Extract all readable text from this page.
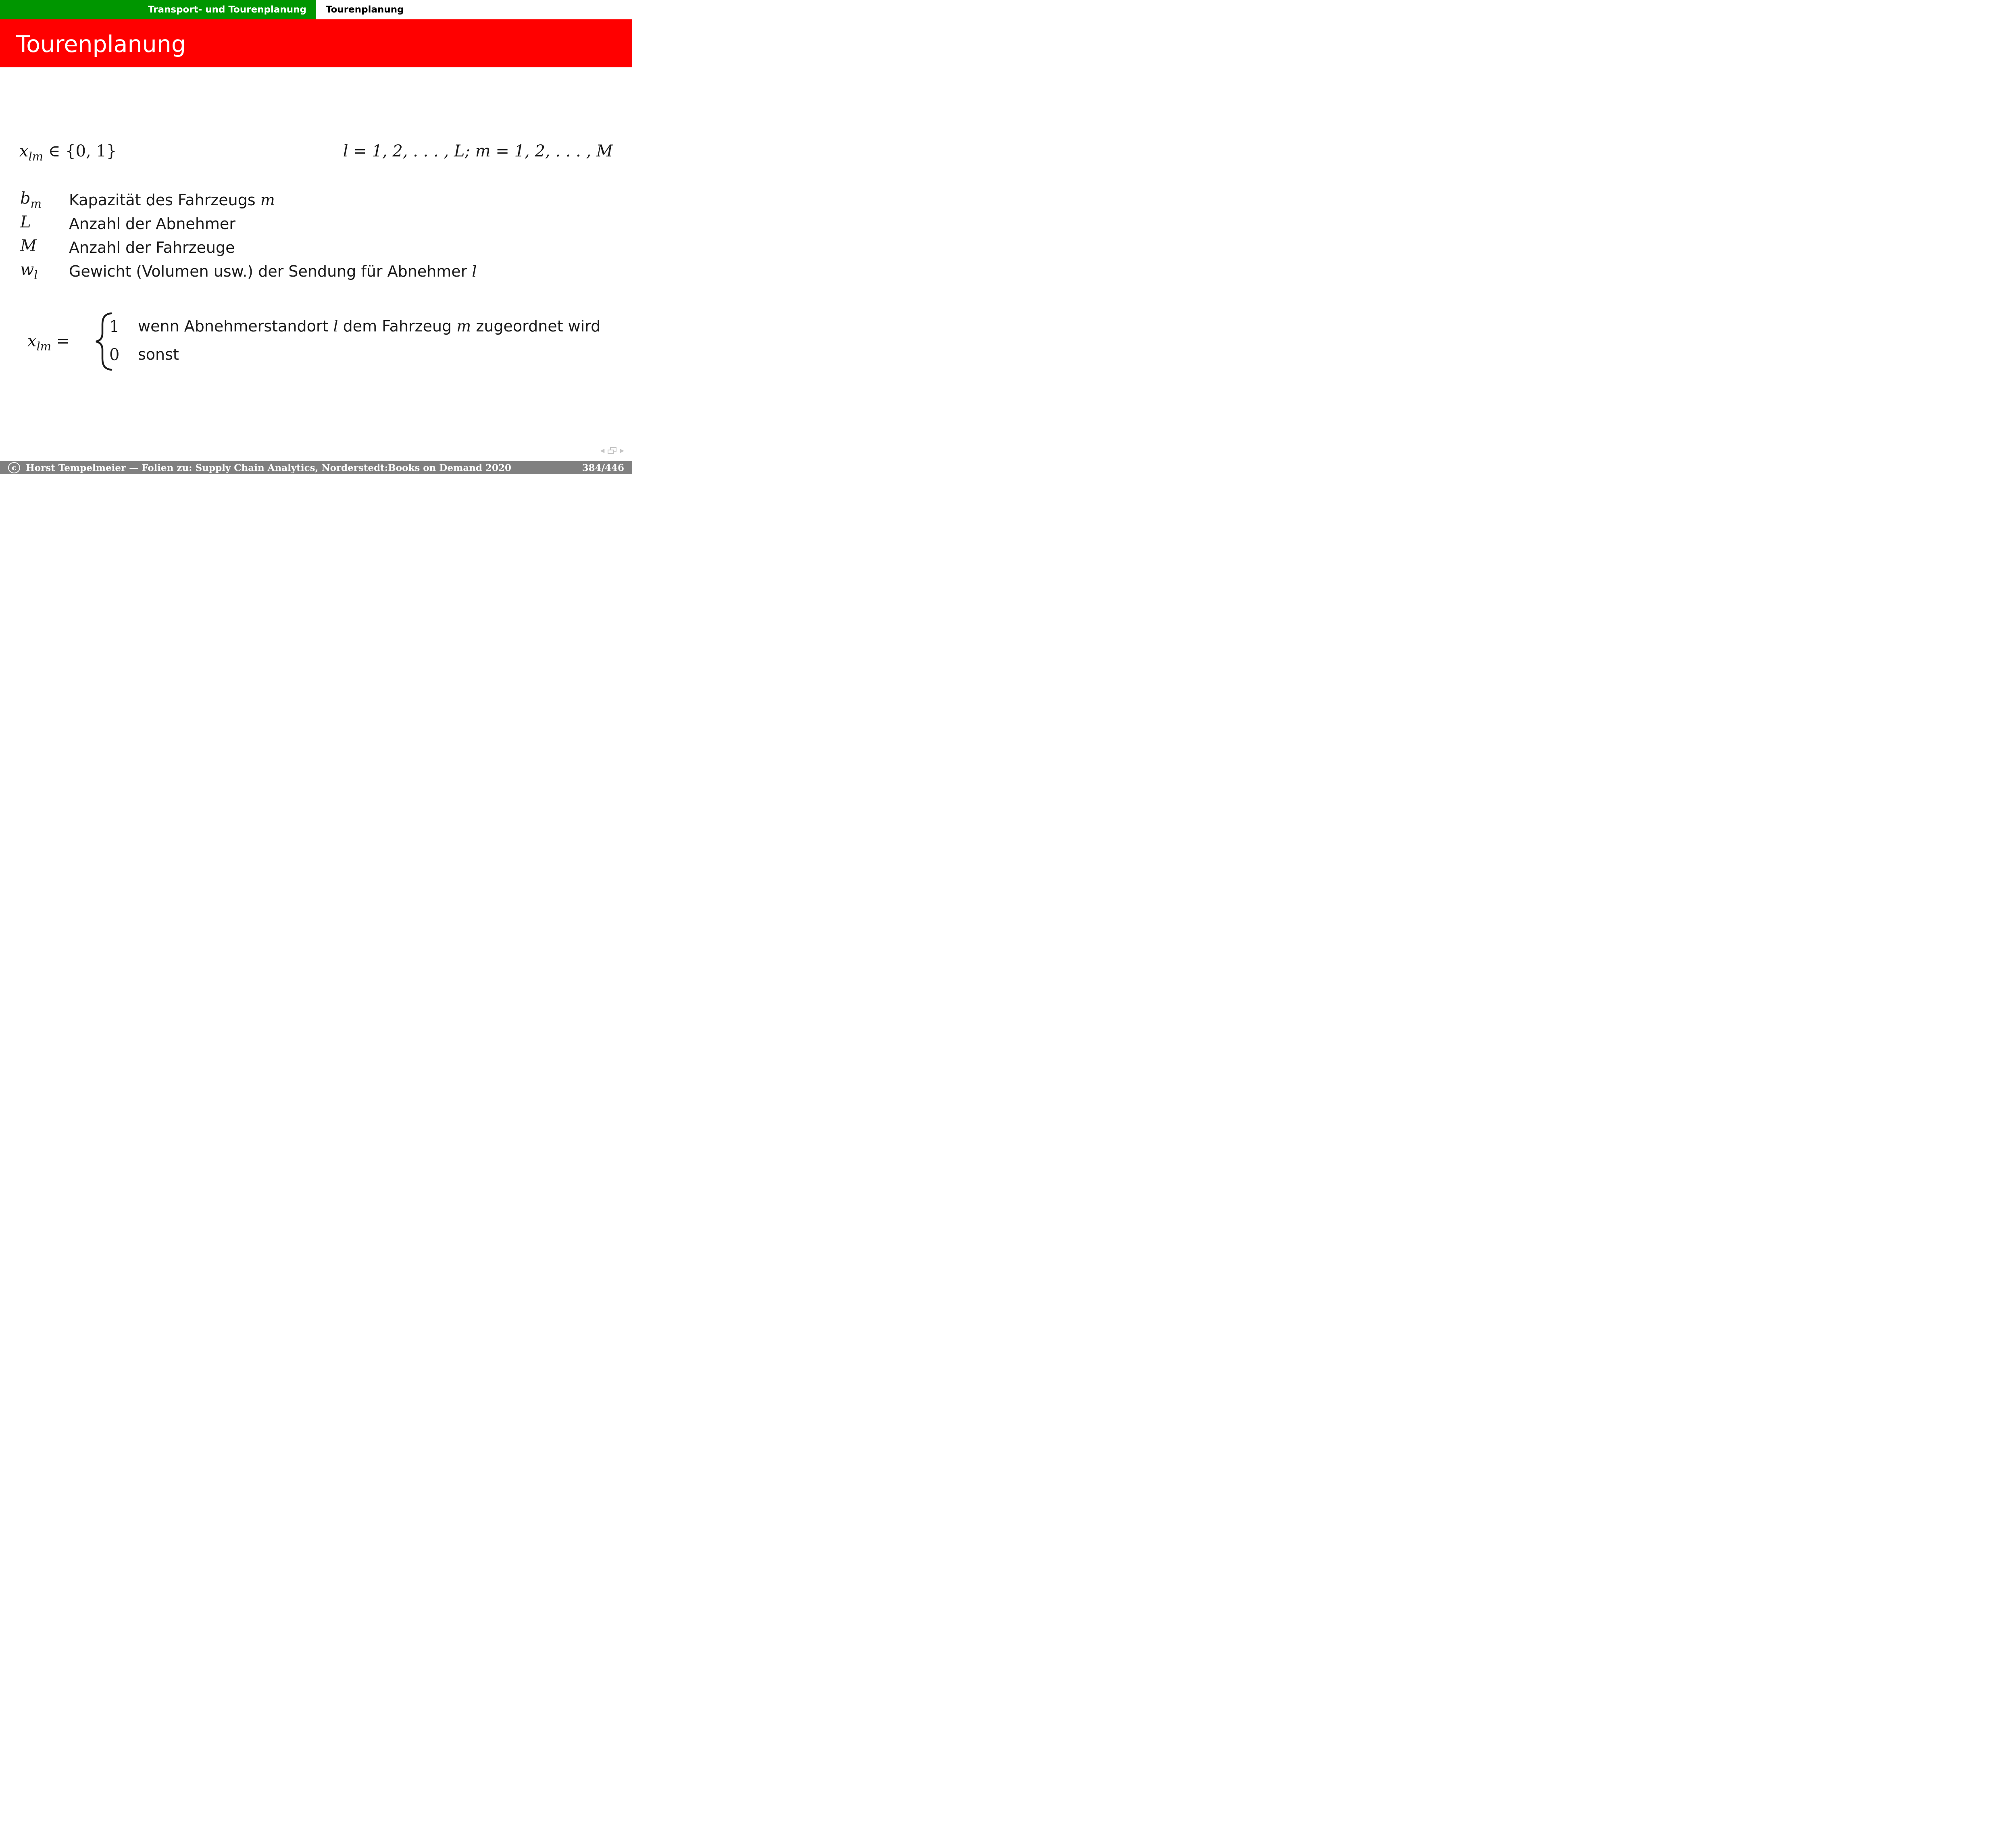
Transport- und Tourenplanung	Tourenplanung
Tourenplanung
$x_{lm}$ ∈ {0, 1}	l = 1, 2, . . . , L; m = 1, 2, . . . , M
$b_m$	Kapazität des Fahrzeugs m
L	Anzahl der Abnehmer
M	Anzahl der Fahrzeuge
$w_l$	Gewicht (Volumen usw.) der Sendung für Abnehmer l
$x_{lm}$ =
1	wenn Abnehmerstandort l dem Fahrzeug m zugeordnet wird
0	sonst
◀	▶
c	Horst Tempelmeier — Folien zu: Supply Chain Analytics, Norderstedt:Books on Demand 2020	384/446
